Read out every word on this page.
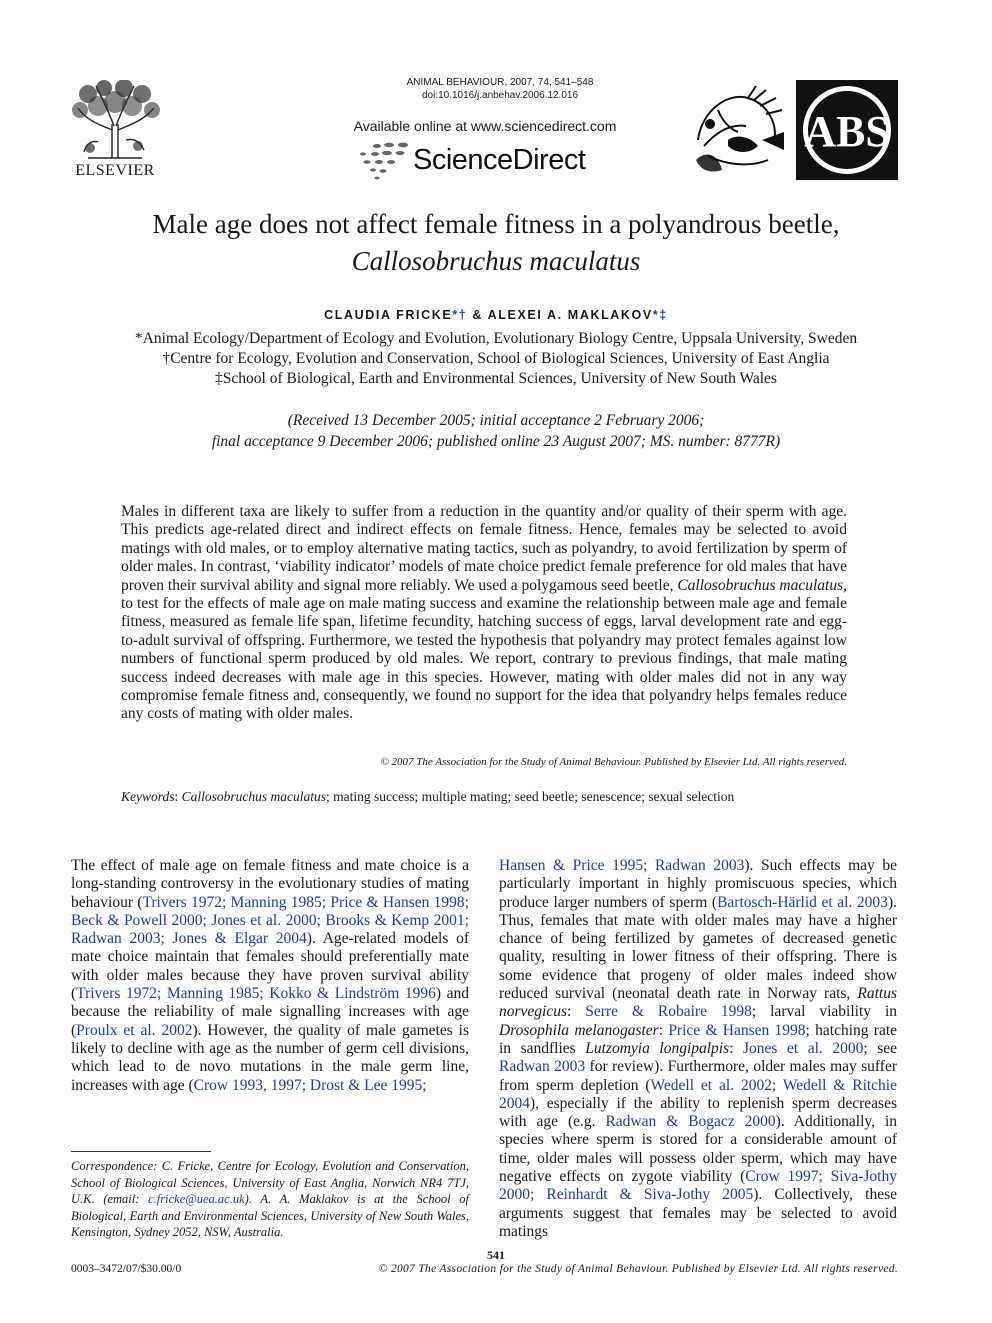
ELSEVIER
ANIMAL BEHAVIOUR, 2007, 74, 541–548
doi:10.1016/j.anbehav.2006.12.016
Available online at www.sciencedirect.com
ScienceDirect
ABS
Male age does not affect female fitness in a polyandrous beetle,
Callosobruchus maculatus
CLAUDIA FRICKE*† & ALEXEI A. MAKLAKOV*‡
*Animal Ecology/Department of Ecology and Evolution, Evolutionary Biology Centre, Uppsala University, Sweden
†Centre for Ecology, Evolution and Conservation, School of Biological Sciences, University of East Anglia
‡School of Biological, Earth and Environmental Sciences, University of New South Wales
(Received 13 December 2005; initial acceptance 2 February 2006;
final acceptance 9 December 2006; published online 23 August 2007; MS. number: 8777R)
Males in different taxa are likely to suffer from a reduction in the quantity and/or quality of their sperm with age. This predicts age-related direct and indirect effects on female fitness. Hence, females may be selected to avoid matings with old males, or to employ alternative mating tactics, such as polyandry, to avoid fertilization by sperm of older males. In contrast, ‘viability indicator’ models of mate choice predict female preference for old males that have proven their survival ability and signal more reliably. We used a polygamous seed beetle, Callosobruchus maculatus, to test for the effects of male age on male mating success and examine the relationship between male age and female fitness, measured as female life span, lifetime fecundity, hatching success of eggs, larval development rate and egg-to-adult survival of offspring. Furthermore, we tested the hypothesis that polyandry may protect females against low numbers of functional sperm produced by old males. We report, contrary to previous findings, that male mating success indeed decreases with male age in this species. However, mating with older males did not in any way compromise female fitness and, consequently, we found no support for the idea that polyandry helps females reduce any costs of mating with older males.
© 2007 The Association for the Study of Animal Behaviour. Published by Elsevier Ltd. All rights reserved.
Keywords: Callosobruchus maculatus; mating success; multiple mating; seed beetle; senescence; sexual selection

The effect of male age on female fitness and mate choice is a long-standing controversy in the evolutionary studies of mating behaviour (Trivers 1972; Manning 1985; Price & Hansen 1998; Beck & Powell 2000; Jones et al. 2000; Brooks & Kemp 2001; Radwan 2003; Jones & Elgar 2004). Age-related models of mate choice maintain that females should preferentially mate with older males because they have proven survival ability (Trivers 1972; Manning 1985; Kokko & Lindström 1996) and because the reliability of male signalling increases with age (Proulx et al. 2002). However, the quality of male gametes is likely to decline with age as the number of germ cell divisions, which lead to de novo mutations in the male germ line, increases with age (Crow 1993, 1997; Drost & Lee 1995;

Correspondence: C. Fricke, Centre for Ecology, Evolution and Conservation, School of Biological Sciences, University of East Anglia, Norwich NR4 7TJ, U.K. (email: c.fricke@uea.ac.uk). A. A. Maklakov is at the School of Biological, Earth and Environmental Sciences, University of New South Wales, Kensington, Sydney 2052, NSW, Australia.

Hansen & Price 1995; Radwan 2003). Such effects may be particularly important in highly promiscuous species, which produce larger numbers of sperm (Bartosch-Härlid et al. 2003). Thus, females that mate with older males may have a higher chance of being fertilized by gametes of decreased genetic quality, resulting in lower fitness of their offspring. There is some evidence that progeny of older males indeed show reduced survival (neonatal death rate in Norway rats, Rattus norvegicus: Serre & Robaire 1998; larval viability in Drosophila melanogaster: Price & Hansen 1998; hatching rate in sandflies Lutzomyia longipalpis: Jones et al. 2000; see Radwan 2003 for review). Furthermore, older males may suffer from sperm depletion (Wedell et al. 2002; Wedell & Ritchie 2004), especially if the ability to replenish sperm decreases with age (e.g. Radwan & Bogacz 2000). Additionally, in species where sperm is stored for a considerable amount of time, older males will possess older sperm, which may have negative effects on zygote viability (Crow 1997; Siva-Jothy 2000; Reinhardt & Siva-Jothy 2005). Collectively, these arguments suggest that females may be selected to avoid matings

541
0003–3472/07/$30.00/0	© 2007 The Association for the Study of Animal Behaviour. Published by Elsevier Ltd. All rights reserved.
